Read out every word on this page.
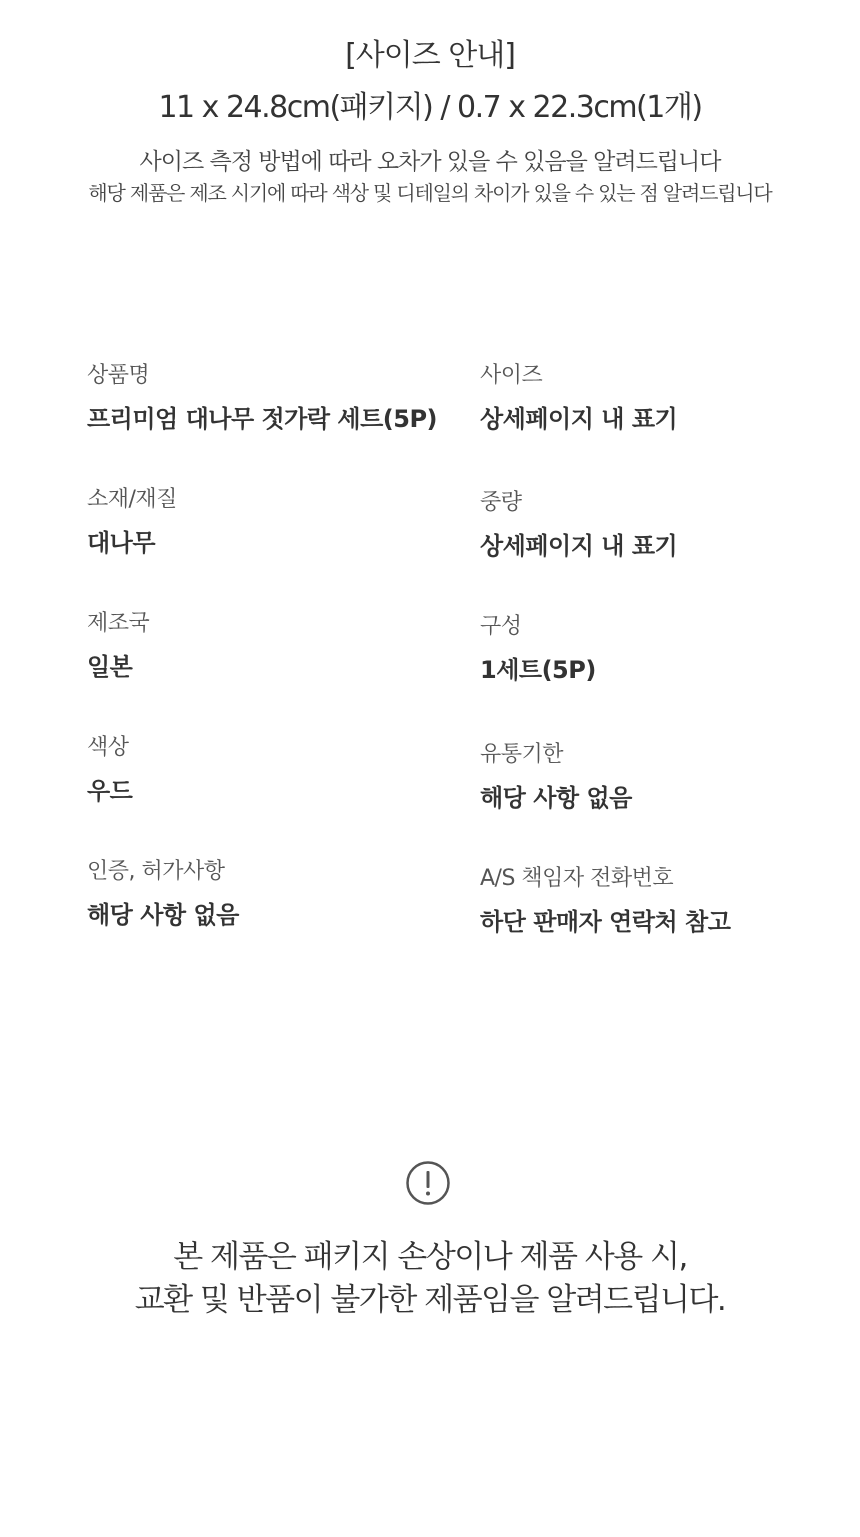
[사이즈 안내]
11 x 24.8cm(패키지) / 0.7 x 22.3cm(1개)
사이즈 측정 방법에 따라 오차가 있을 수 있음을 알려드립니다
해당 제품은 제조 시기에 따라 색상 및 디테일의 차이가 있을 수 있는 점 알려드립니다
상품명
프리미엄 대나무 젓가락 세트(5P)
소재/재질
대나무
제조국
일본
색상
우드
인증, 허가사항
해당 사항 없음
사이즈
상세페이지 내 표기
중량
상세페이지 내 표기
구성
1세트(5P)
유통기한
해당 사항 없음
A/S 책임자 전화번호
하단 판매자 연락처 참고
본 제품은 패키지 손상이나 제품 사용 시,
교환 및 반품이 불가한 제품임을 알려드립니다.
